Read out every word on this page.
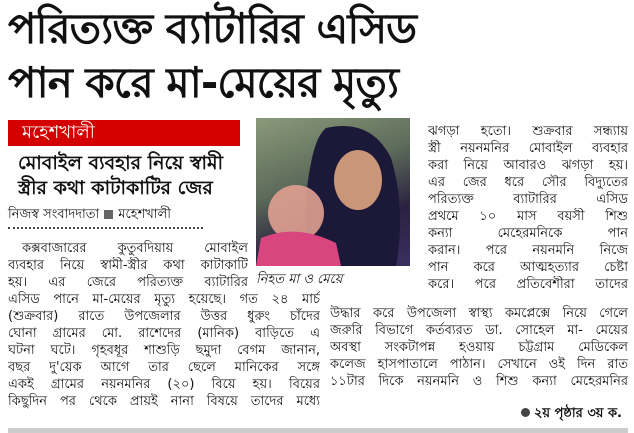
পরিত্যক্ত ব্যাটারির এসিড
পান করে মা-মেয়ের মৃত্যু
মহেশখালী
মোবাইল ব্যবহার নিয়ে স্বামী
স্ত্রীর কথা কাটাকাটির জের
নিজস্ব সংবাদদাতা মহেশখালী
নিহত মা ও মেয়ে
কক্সবাজারের কুতুবদিয়ায় মোবাইল
ব্যবহার নিয়ে স্বামী-স্ত্রীর কথা কাটাকাটি
হয়। এর জেরে পরিত্যক্ত ব্যাটারির
এসিড পানে মা-মেয়ের মৃত্যু হয়েছে। গত ২৪ মার্চ
(শুক্রবার) রাতে উপজেলার উত্তর ধুরুং চাঁদের
ঘোনা গ্রামের মো. রাশেদের (মানিক) বাড়িতে এ
ঘটনা ঘটে। গৃহবধূর শাশুড়ি ছমুদা বেগম জানান,
বছর দু'য়েক আগে তার ছেলে মানিকের সঙ্গে
একই গ্রামের নয়নমনির (২০) বিয়ে হয়। বিয়ের
কিছুদিন পর থেকে প্রায়ই নানা বিষয়ে তাদের মধ্যে
ঝগড়া হতো। শুক্রবার সন্ধ্যায়
স্ত্রী নয়নমনির মোবাইল ব্যবহার
করা নিয়ে আবারও ঝগড়া হয়।
এর জের ধরে সৌর বিদ্যুতের
পরিত্যক্ত ব্যাটারির এসিড
প্রথমে ১০ মাস বয়সী শিশু
কন্যা মেহেরমনিকে পান
করান। পরে নয়নমনি নিজে
পান করে আত্মহত্যার চেষ্টা
করে। পরে প্রতিবেশীরা তাদের
উদ্ধার করে উপজেলা স্বাস্থ্য কমপ্লেক্সে নিয়ে গেলে
জরুরি বিভাগে কর্তব্যরত ডা. সোহেল মা- মেয়ের
অবস্থা সংকটাপন্ন হওয়ায় চট্টগ্রাম মেডিকেল
কলেজ হাসপাতালে পাঠান। সেখানে ওই দিন রাত
১১টার দিকে নয়নমনি ও শিশু কন্যা মেহেরমনির
২য় পৃষ্ঠার ৩য় ক.
